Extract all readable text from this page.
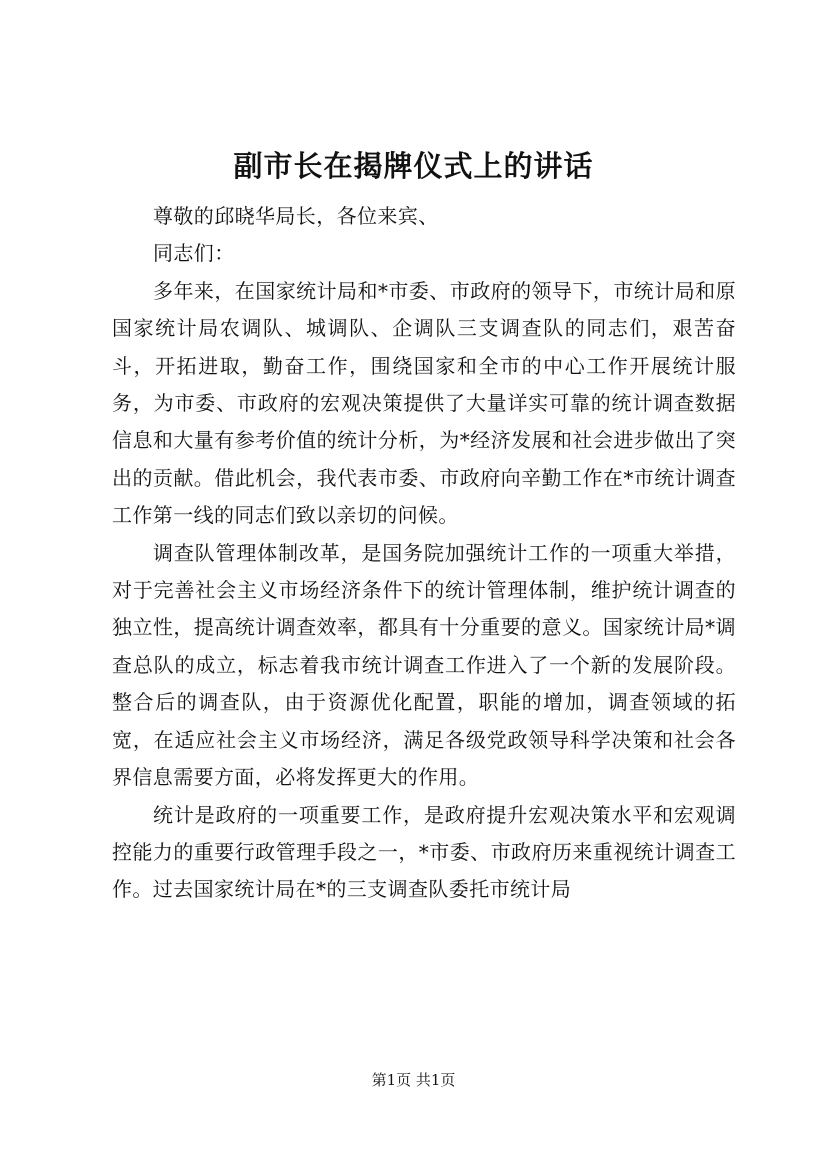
副市长在揭牌仪式上的讲话

尊敬的邱晓华局长，各位来宾、

同志们：

多年来，在国家统计局和*市委、市政府的领导下，市统计局和原国家统计局农调队、城调队、企调队三支调查队的同志们，艰苦奋斗，开拓进取，勤奋工作，围绕国家和全市的中心工作开展统计服务，为市委、市政府的宏观决策提供了大量详实可靠的统计调查数据信息和大量有参考价值的统计分析，为*经济发展和社会进步做出了突出的贡献。借此机会，我代表市委、市政府向辛勤工作在*市统计调查工作第一线的同志们致以亲切的问候。

调查队管理体制改革，是国务院加强统计工作的一项重大举措，对于完善社会主义市场经济条件下的统计管理体制，维护统计调查的独立性，提高统计调查效率，都具有十分重要的意义。国家统计局*调查总队的成立，标志着我市统计调查工作进入了一个新的发展阶段。整合后的调查队，由于资源优化配置，职能的增加，调查领域的拓宽，在适应社会主义市场经济，满足各级党政领导科学决策和社会各界信息需要方面，必将发挥更大的作用。

统计是政府的一项重要工作，是政府提升宏观决策水平和宏观调控能力的重要行政管理手段之一，*市委、市政府历来重视统计调查工作。过去国家统计局在*的三支调查队委托市统计局

第1页 共1页
